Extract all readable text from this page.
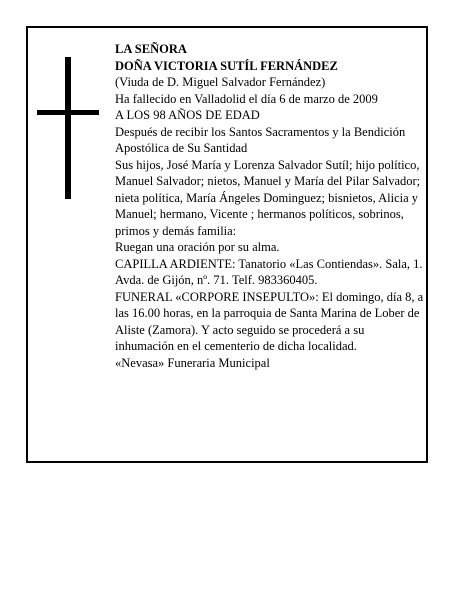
LA SEÑORA

DOÑA VICTORIA SUTÍL FERNÁNDEZ

(Viuda de D. Miguel Salvador Fernández)

Ha fallecido en Valladolid el día 6 de marzo de 2009

A LOS 98 AÑOS DE EDAD

Después de recibir los Santos Sacramentos y la Bendición Apostólica de Su Santidad

Sus hijos, José María y Lorenza Salvador Sutíl; hijo político, Manuel Salvador; nietos, Manuel y María del Pilar Salvador; nieta política, María Ángeles Dominguez; bisnietos, Alicia y Manuel; hermano, Vicente ; hermanos políticos, sobrinos, primos y demás familia:

Ruegan una oración por su alma.

CAPILLA ARDIENTE: Tanatorio «Las Contiendas». Sala, 1. Avda. de Gijón, nº. 71. Telf. 983360405.

FUNERAL «CORPORE INSEPULTO»: El domingo, día 8, a las 16.00 horas, en la parroquia de Santa Marina de Lober de Aliste (Zamora). Y acto seguido se procederá a su inhumación en el cementerio de dicha localidad.

«Nevasa» Funeraria Municipal
